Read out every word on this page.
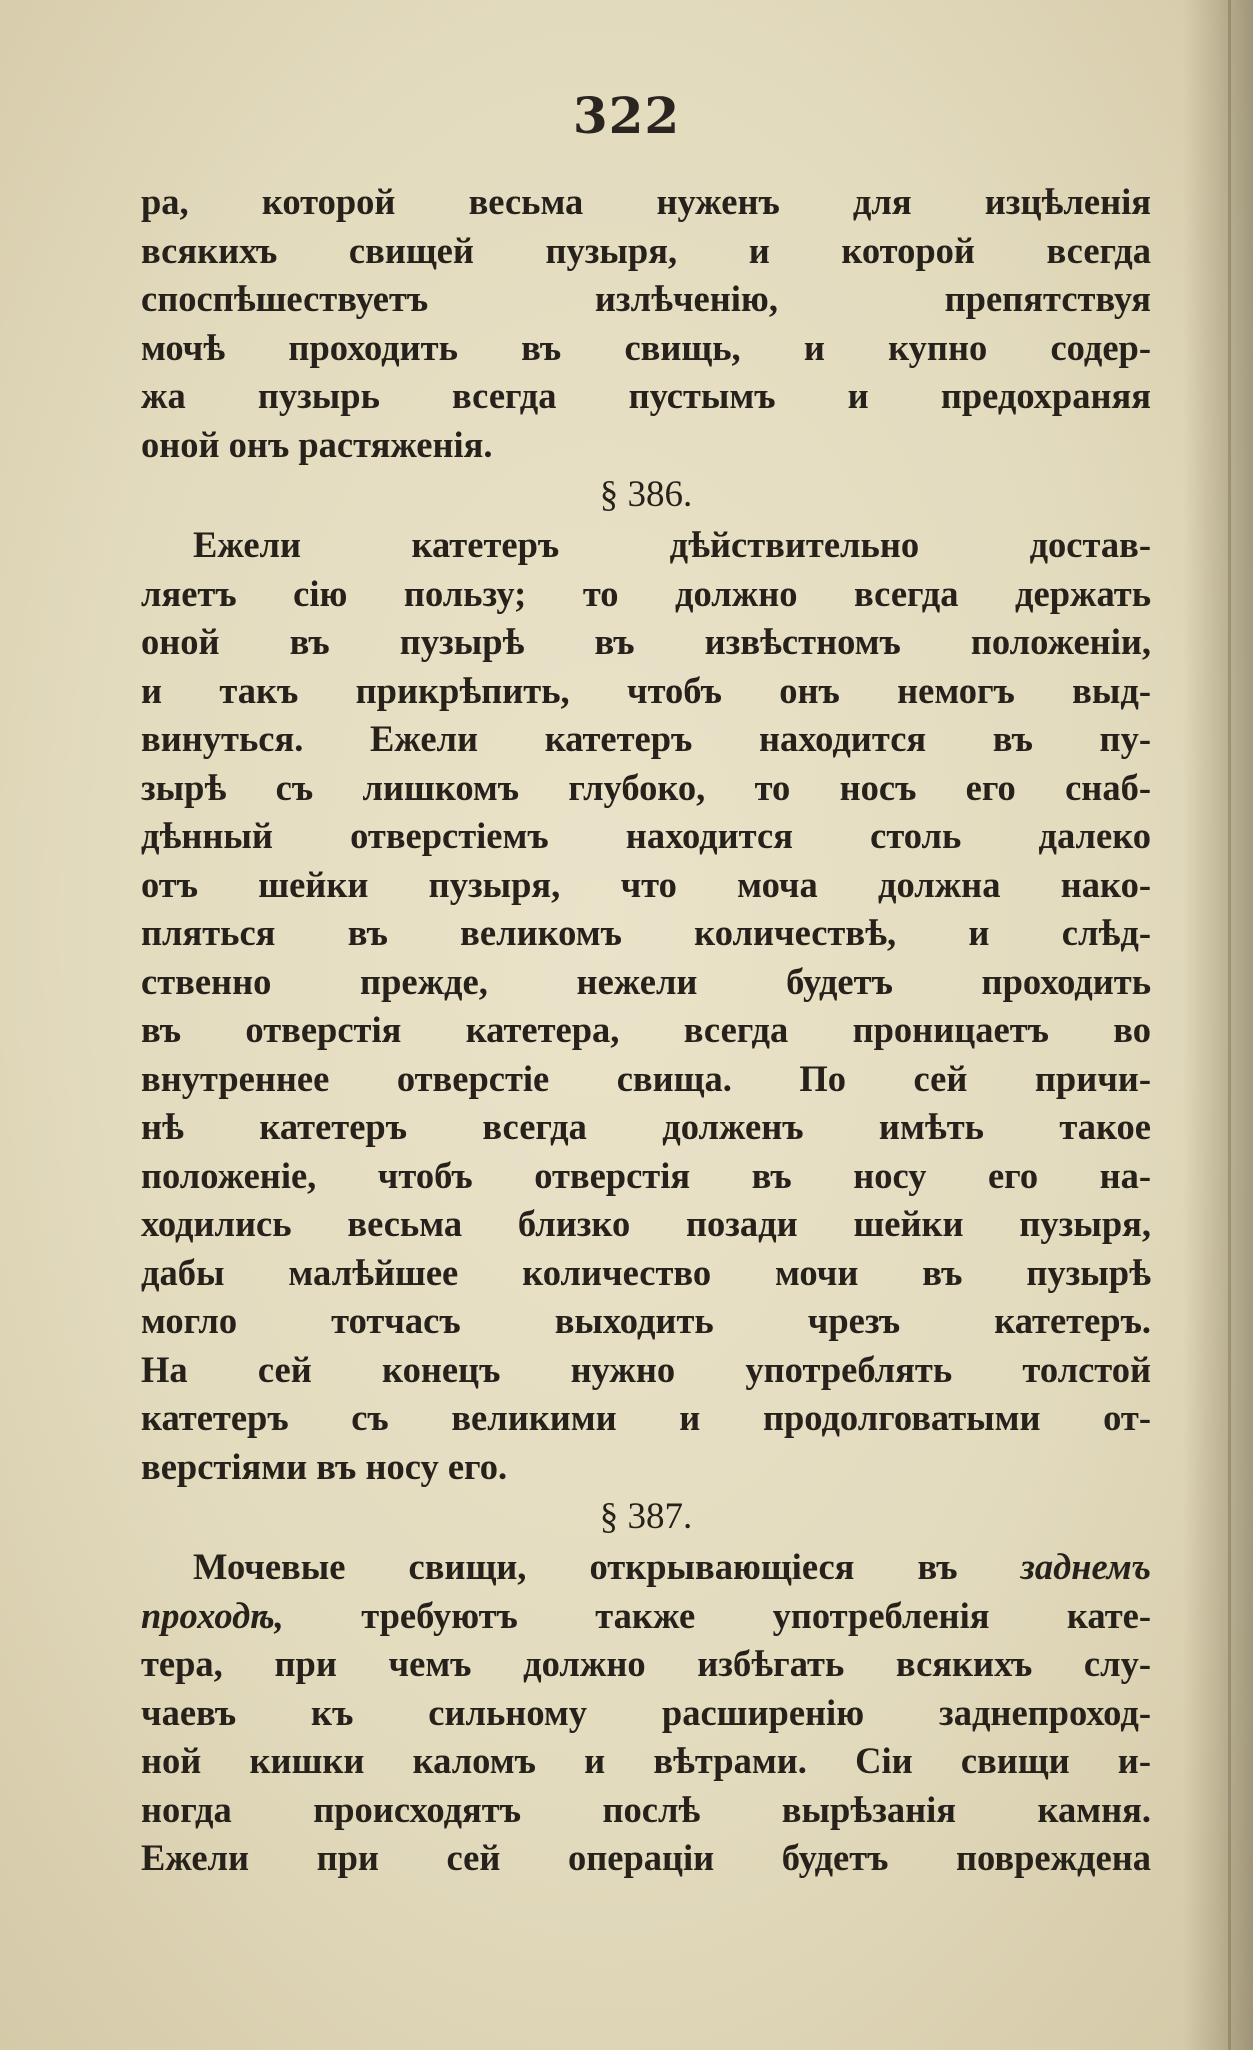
322
ра, которой весьма нуженъ для изцѣленія
всякихъ свищей пузыря, и которой всегда
споспѣшествуетъ излѣченію, препятствуя
мочѣ проходить въ свищь, и купно содер-
жа пузырь всегда пустымъ и предохраняя
оной онъ растяженія.
§ 386.
Ежели катетеръ дѣйствительно достав-
ляетъ сію пользу; то должно всегда держать
оной въ пузырѣ въ извѣстномъ положеніи,
и такъ прикрѣпить, чтобъ онъ немогъ выд-
винуться. Ежели катетеръ находится въ пу-
зырѣ съ лишкомъ глубоко, то носъ его снаб-
дѣнный отверстіемъ находится столь далеко
отъ шейки пузыря, что моча должна нако-
пляться въ великомъ количествѣ, и слѣд-
ственно прежде, нежели будетъ проходить
въ отверстія катетера, всегда проницаетъ во
внутреннее отверстіе свища. По сей причи-
нѣ катетеръ всегда долженъ имѣть такое
положеніе, чтобъ отверстія въ носу его на-
ходились весьма близко позади шейки пузыря,
дабы малѣйшее количество мочи въ пузырѣ
могло тотчасъ выходить чрезъ катетеръ.
На сей конецъ нужно употреблять толстой
катетеръ съ великими и продолговатыми от-
верстіями въ носу его.
§ 387.
Мочевые свищи, открывающіеся въ заднемъ
проходѣ, требуютъ также употребленія кате-
тера, при чемъ должно избѣгать всякихъ слу-
чаевъ къ сильному расширенію заднепроход-
ной кишки каломъ и вѣтрами. Сіи свищи и-
ногда происходятъ послѣ вырѣзанія камня.
Ежели при сей операціи будетъ повреждена
